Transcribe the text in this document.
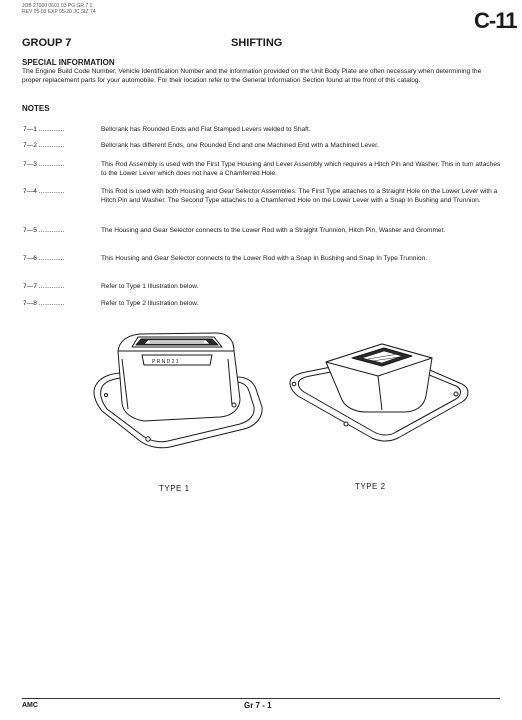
JOB 27000 0601 03 PG GR 7 1
REV 05-03 EXP 05-20 JC SIZ 74	C-11
GROUP 7	SHIFTING
SPECIAL INFORMATION
The Engine Build Code Number, Vehicle Identification Number and the information provided on the Unit Body Plate are often necessary when determining the proper replacement parts for your automobile. For their location refer to the General Information Section found at the front of this catalog.
NOTES
7—1 ..............	Bellcrank has Rounded Ends and Flat Stamped Levers welded to Shaft.
7—2 ..............	Bellcrank has different Ends, one Rounded End and one Machined End with a Machined Lever.
7—3 ..............	This Rod Assembly is used with the First Type Housing and Lever Assembly which requires a Hitch Pin and Washer. This in turn attaches to the Lower Lever which does not have a Chamferred Hole.
7—4 ..............	This Rod is used with both Housing and Gear Selector Assemblies. The First Type attaches to a Straight Hole on the Lower Lever with a Hitch Pin and Washer. The Second Type attaches to a Chamferred Hole on the Lower Lever with a Snap In Bushing and Trunnion.
7—5 ..............	The Housing and Gear Selector connects to the Lower Rod with a Straight Trunnion, Hitch Pin, Washer and Grommet.
7—6 ..............	This Housing and Gear Selector connects to the Lower Rod with a Snap In Bushing and Snap In Type Trunnion.
7—7 ..............	Refer to Type 1 Illustration below.
7—8 ..............	Refer to Type 2 Illustration below.
P R N D 2 1
TYPE 1	TYPE 2
AMC	Gr 7 - 1
